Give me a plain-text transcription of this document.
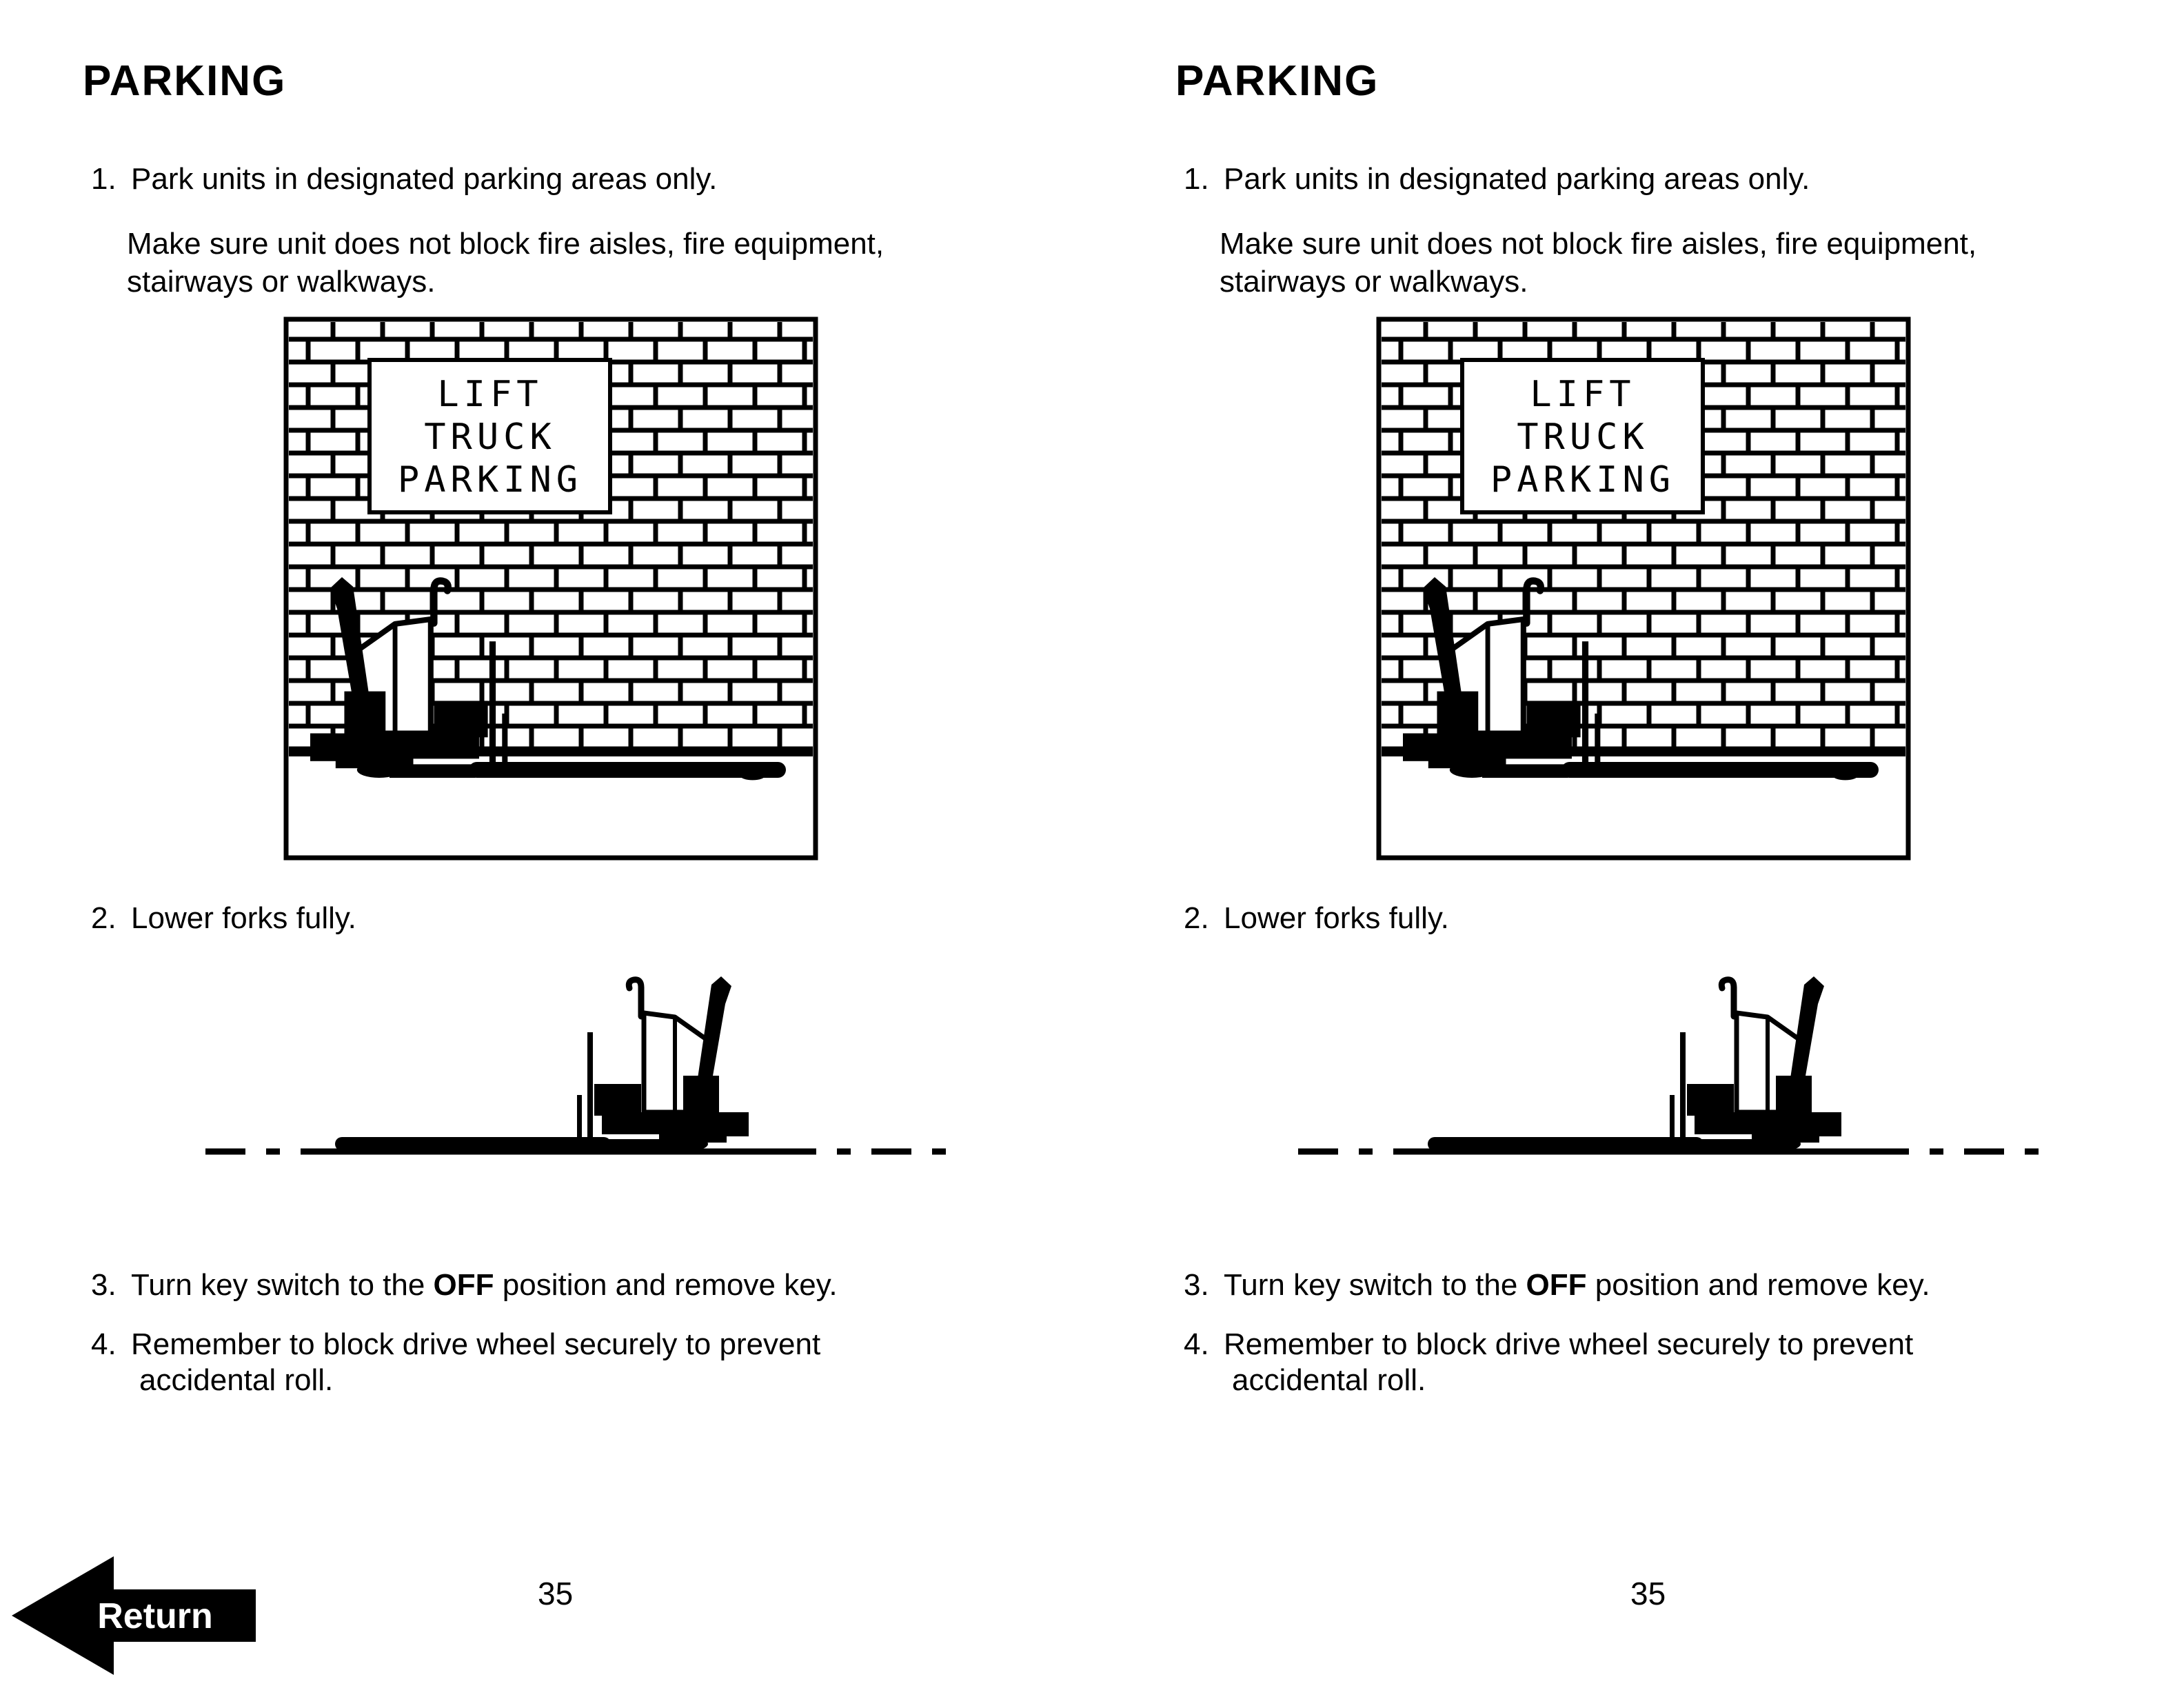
PARKING
1. Park units in designated parking areas only.
Make sure unit does not block fire aisles, fire equipment,
stairways or walkways.
LIFT
TRUCK
PARKING
2. Lower forks fully.
3. Turn key switch to the OFF position and remove key.
4. Remember to block drive wheel securely to prevent
accidental roll.
35
PARKING
1. Park units in designated parking areas only.
Make sure unit does not block fire aisles, fire equipment,
stairways or walkways.
LIFT
TRUCK
PARKING
2. Lower forks fully.
3. Turn key switch to the OFF position and remove key.
4. Remember to block drive wheel securely to prevent
accidental roll.
35
Return
